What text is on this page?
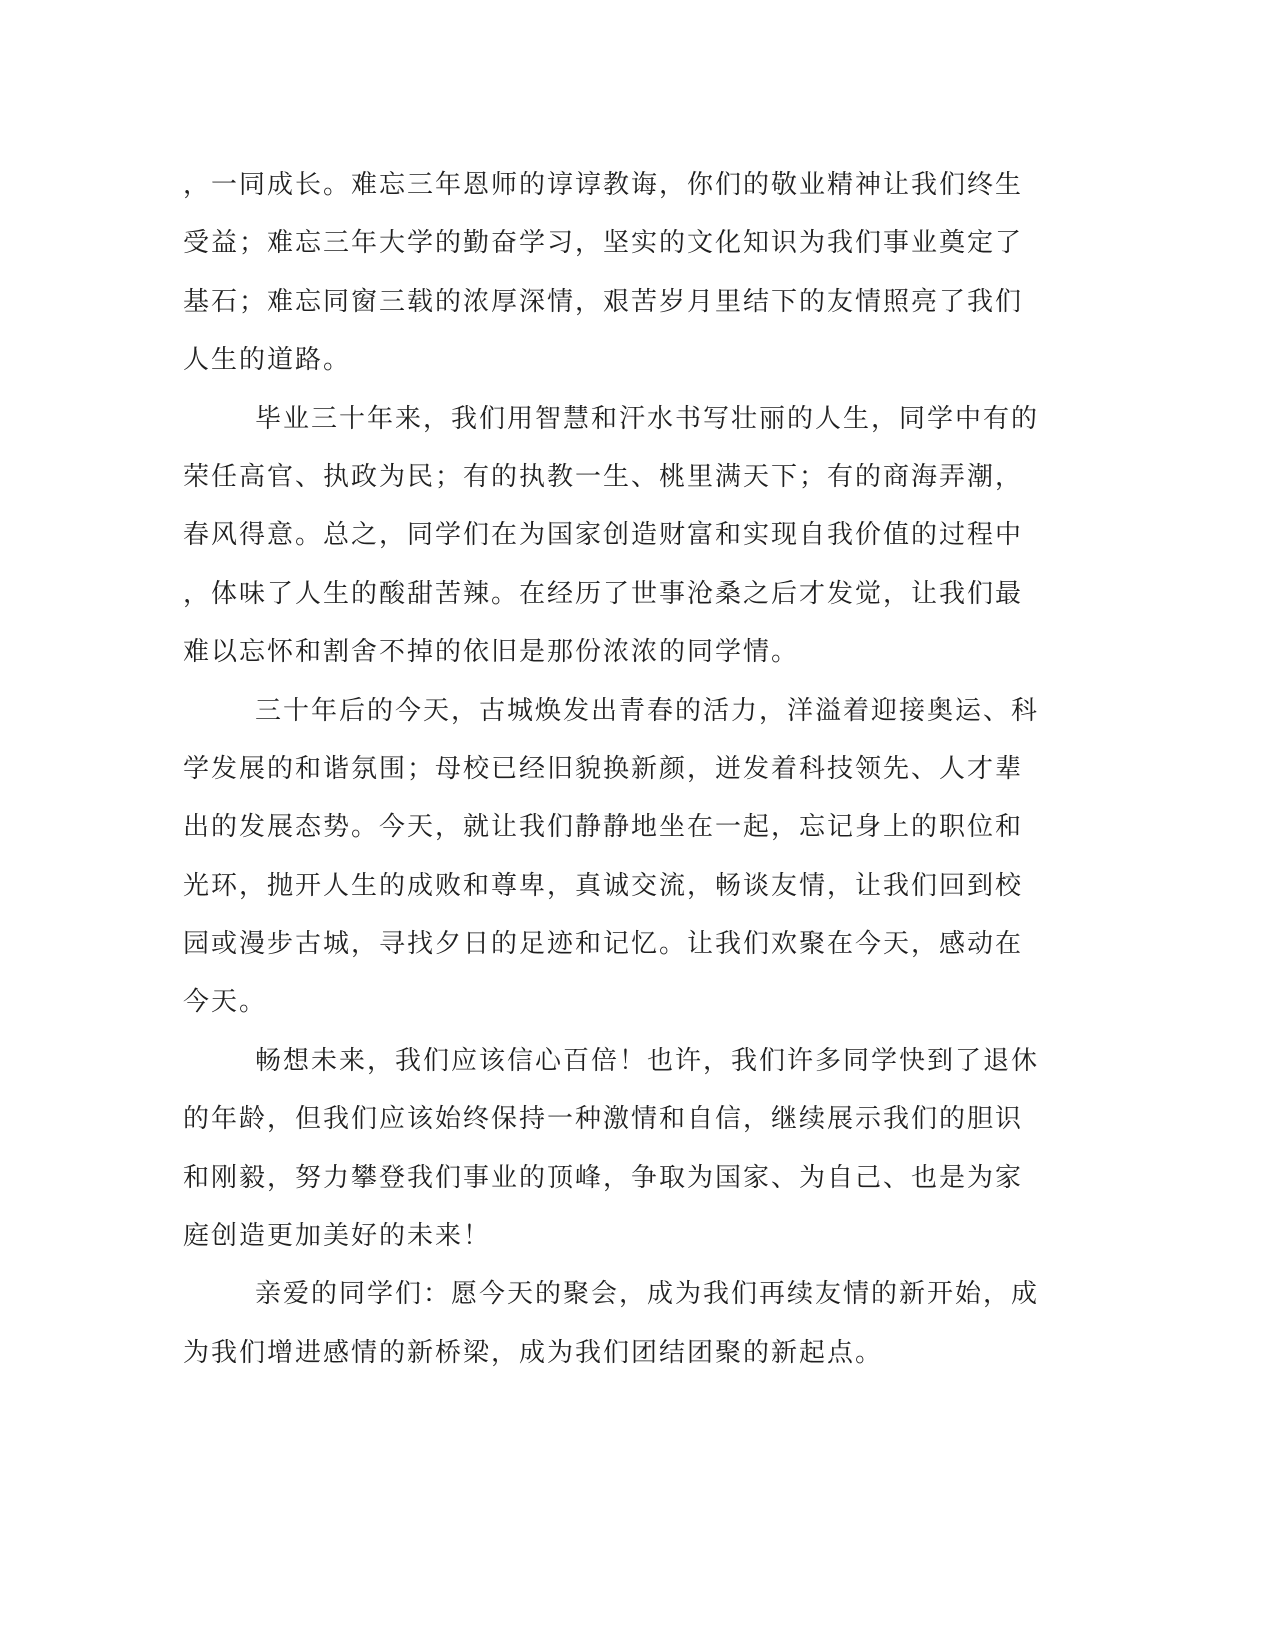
，一同成长。难忘三年恩师的谆谆教诲，你们的敬业精神让我们终生
受益；难忘三年大学的勤奋学习，坚实的文化知识为我们事业奠定了
基石；难忘同窗三载的浓厚深情，艰苦岁月里结下的友情照亮了我们
人生的道路。
毕业三十年来，我们用智慧和汗水书写壮丽的人生，同学中有的
荣任高官、执政为民；有的执教一生、桃里满天下；有的商海弄潮，
春风得意。总之，同学们在为国家创造财富和实现自我价值的过程中
，体味了人生的酸甜苦辣。在经历了世事沧桑之后才发觉，让我们最
难以忘怀和割舍不掉的依旧是那份浓浓的同学情。
三十年后的今天，古城焕发出青春的活力，洋溢着迎接奥运、科
学发展的和谐氛围；母校已经旧貌换新颜，迸发着科技领先、人才辈
出的发展态势。今天，就让我们静静地坐在一起，忘记身上的职位和
光环，抛开人生的成败和尊卑，真诚交流，畅谈友情，让我们回到校
园或漫步古城，寻找夕日的足迹和记忆。让我们欢聚在今天，感动在
今天。
畅想未来，我们应该信心百倍！也许，我们许多同学快到了退休
的年龄，但我们应该始终保持一种激情和自信，继续展示我们的胆识
和刚毅，努力攀登我们事业的顶峰，争取为国家、为自己、也是为家
庭创造更加美好的未来！
亲爱的同学们：愿今天的聚会，成为我们再续友情的新开始，成
为我们增进感情的新桥梁，成为我们团结团聚的新起点。
